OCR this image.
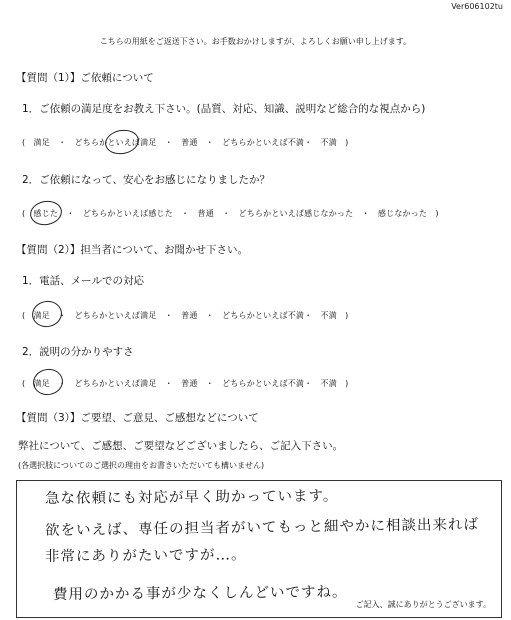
Ver606102tu
こちらの用紙をご返送下さい。お手数おかけしますが、よろしくお願い申し上げます。
【質問（1）】ご依頼について
1．ご依頼の満足度をお教え下さい。(品質、対応、知識、説明など総合的な視点から)
(　満足　・　どちらかといえば満足　・　普通　・　どちらかといえば不満・　不満　)
2．ご依頼になって、安心をお感じになりましたか？
(　感じた　・　どちらかといえば感じた　・　普通　・　どちらかといえば感じなかった　・　感じなかった　)
【質問（2）】担当者について、お聞かせ下さい。
1．電話、メールでの対応
(　満足　・　どちらかといえば満足　・　普通　・　どちらかといえば不満・　不満　)
2．説明の分かりやすさ
(　満足　・　どちらかといえば満足　・　普通　・　どちらかといえば不満・　不満　)
【質問（3）】ご要望、ご意見、ご感想などについて
弊社について、ご感想、ご要望などございましたら、ご記入下さい。
(各選択肢についてのご選択の理由をお書きいただいても構いません)
急な依頼にも対応が早く助かっています。
欲をいえば、専任の担当者がいてもっと細やかに相談出来れば
非常にありがたいですが…。
費用のかかる事が少なくしんどいですね。
ご記入、誠にありがとうございます。
